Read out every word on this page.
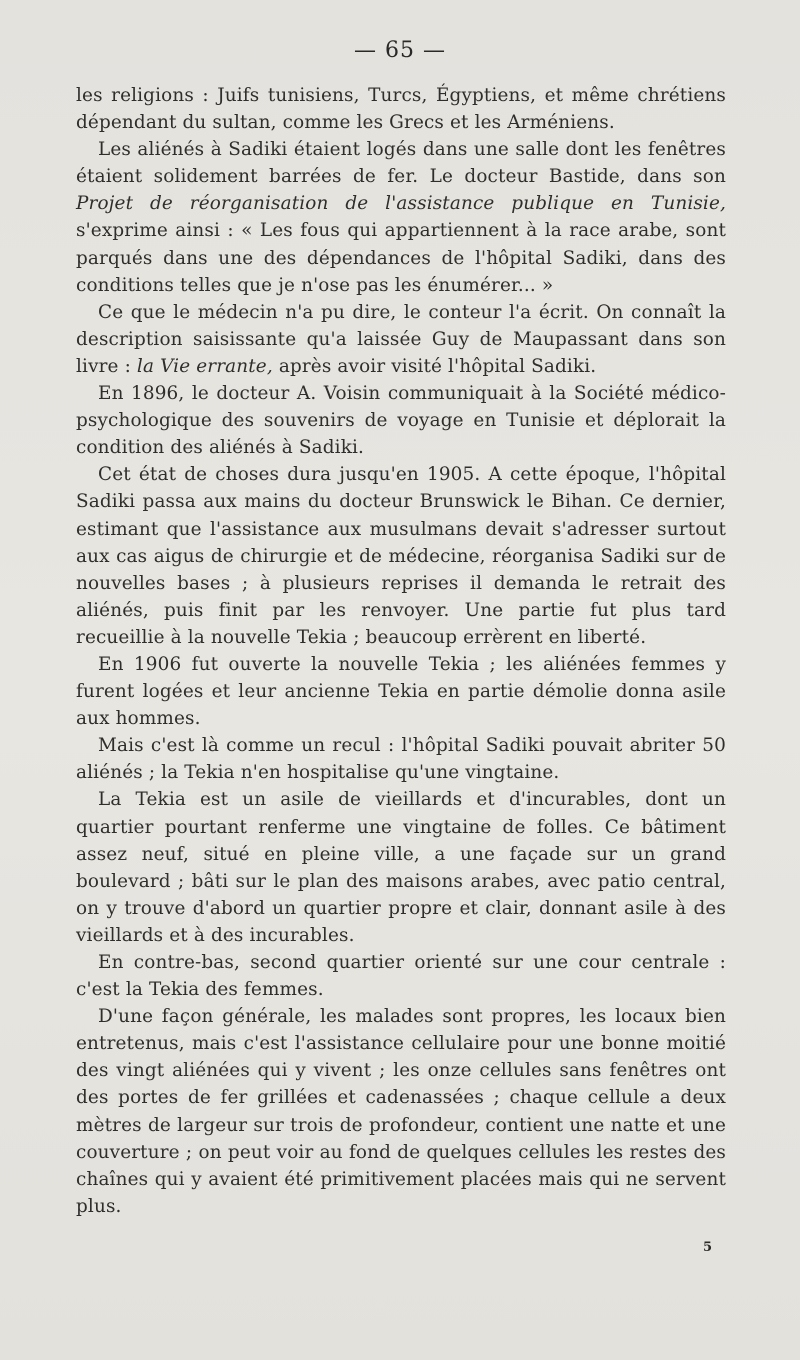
— 65 —

les religions : Juifs tunisiens, Turcs, Égyptiens, et même chrétiens dépendant du sultan, comme les Grecs et les Arméniens.

Les aliénés à Sadiki étaient logés dans une salle dont les fenêtres étaient solidement barrées de fer. Le docteur Bastide, dans son Projet de réorganisation de l'assistance publique en Tunisie, s'exprime ainsi : « Les fous qui appartiennent à la race arabe, sont parqués dans une des dépendances de l'hôpital Sadiki, dans des conditions telles que je n'ose pas les énumérer... »

Ce que le médecin n'a pu dire, le conteur l'a écrit. On connaît la description saisissante qu'a laissée Guy de Maupassant dans son livre : la Vie errante, après avoir visité l'hôpital Sadiki.

En 1896, le docteur A. Voisin communiquait à la Société médico-psychologique des souvenirs de voyage en Tunisie et déplorait la condition des aliénés à Sadiki.

Cet état de choses dura jusqu'en 1905. A cette époque, l'hôpital Sadiki passa aux mains du docteur Brunswick le Bihan. Ce dernier, estimant que l'assistance aux musulmans devait s'adresser surtout aux cas aigus de chirurgie et de médecine, réorganisa Sadiki sur de nouvelles bases ; à plusieurs reprises il demanda le retrait des aliénés, puis finit par les renvoyer. Une partie fut plus tard recueillie à la nouvelle Tekia ; beaucoup errèrent en liberté.

En 1906 fut ouverte la nouvelle Tekia ; les aliénées femmes y furent logées et leur ancienne Tekia en partie démolie donna asile aux hommes.

Mais c'est là comme un recul : l'hôpital Sadiki pouvait abriter 50 aliénés ; la Tekia n'en hospitalise qu'une vingtaine.

La Tekia est un asile de vieillards et d'incurables, dont un quartier pourtant renferme une vingtaine de folles. Ce bâtiment assez neuf, situé en pleine ville, a une façade sur un grand boulevard ; bâti sur le plan des maisons arabes, avec patio central, on y trouve d'abord un quartier propre et clair, donnant asile à des vieillards et à des incurables.

En contre-bas, second quartier orienté sur une cour centrale : c'est la Tekia des femmes.

D'une façon générale, les malades sont propres, les locaux bien entretenus, mais c'est l'assistance cellulaire pour une bonne moitié des vingt aliénées qui y vivent ; les onze cellules sans fenêtres ont des portes de fer grillées et cadenassées ; chaque cellule a deux mètres de largeur sur trois de profondeur, contient une natte et une couverture ; on peut voir au fond de quelques cellules les restes des chaînes qui y avaient été primitivement placées mais qui ne servent plus.

5
